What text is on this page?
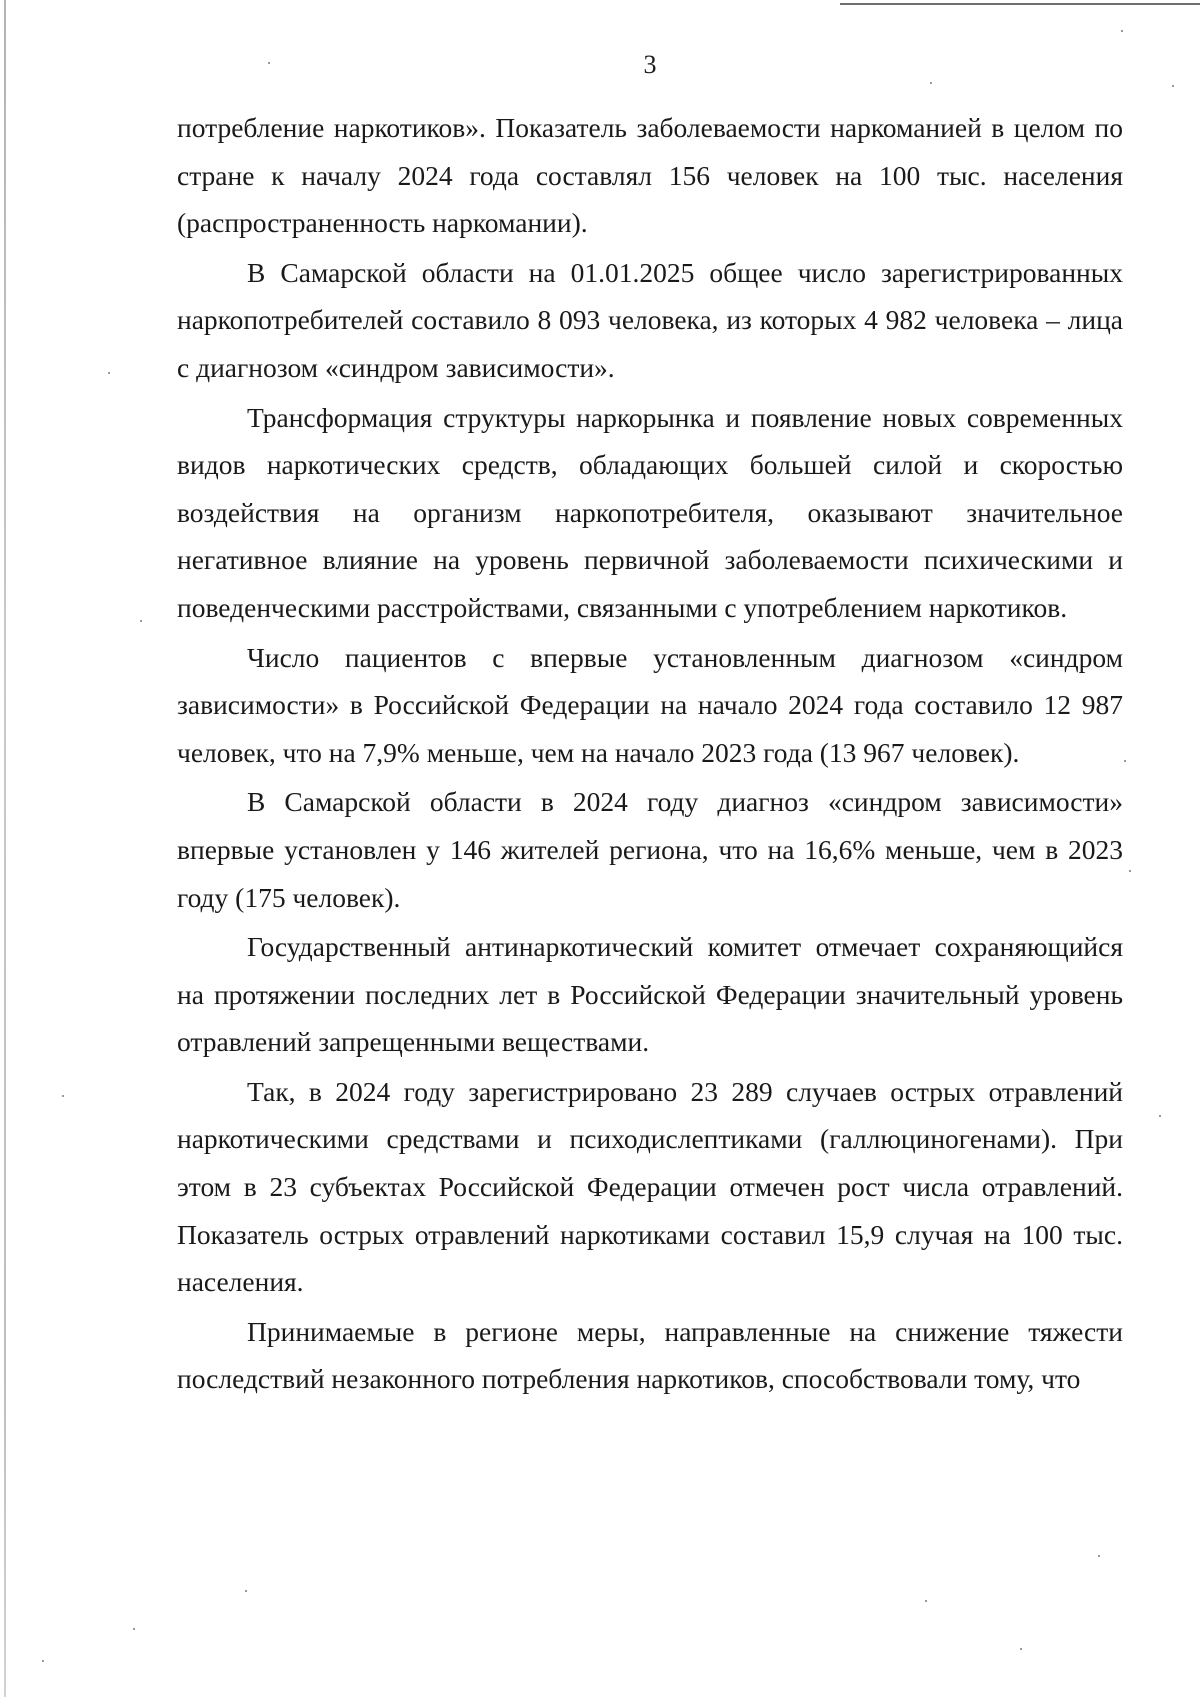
3

потребление наркотиков». Показатель заболеваемости наркоманией в целом по стране к началу 2024 года составлял 156 человек на 100 тыс. населения (распространенность наркомании).

В Самарской области на 01.01.2025 общее число зарегистрированных наркопотребителей составило 8 093 человека, из которых 4 982 человека – лица с диагнозом «синдром зависимости».

Трансформация структуры наркорынка и появление новых современных видов наркотических средств, обладающих большей силой и скоростью воздействия на организм наркопотребителя, оказывают значительное негативное влияние на уровень первичной заболеваемости психическими и поведенческими расстройствами, связанными с употреблением наркотиков.

Число пациентов с впервые установленным диагнозом «синдром зависимости» в Российской Федерации на начало 2024 года составило 12 987 человек, что на 7,9% меньше, чем на начало 2023 года (13 967 человек).

В Самарской области в 2024 году диагноз «синдром зависимости» впервые установлен у 146 жителей региона, что на 16,6% меньше, чем в 2023 году (175 человек).

Государственный антинаркотический комитет отмечает сохраняющийся на протяжении последних лет в Российской Федерации значительный уровень отравлений запрещенными веществами.

Так, в 2024 году зарегистрировано 23 289 случаев острых отравлений наркотическими средствами и психодислептиками (галлюциногенами). При этом в 23 субъектах Российской Федерации отмечен рост числа отравлений. Показатель острых отравлений наркотиками составил 15,9 случая на 100 тыс. населения.

Принимаемые в регионе меры, направленные на снижение тяжести последствий незаконного потребления наркотиков, способствовали тому, что
